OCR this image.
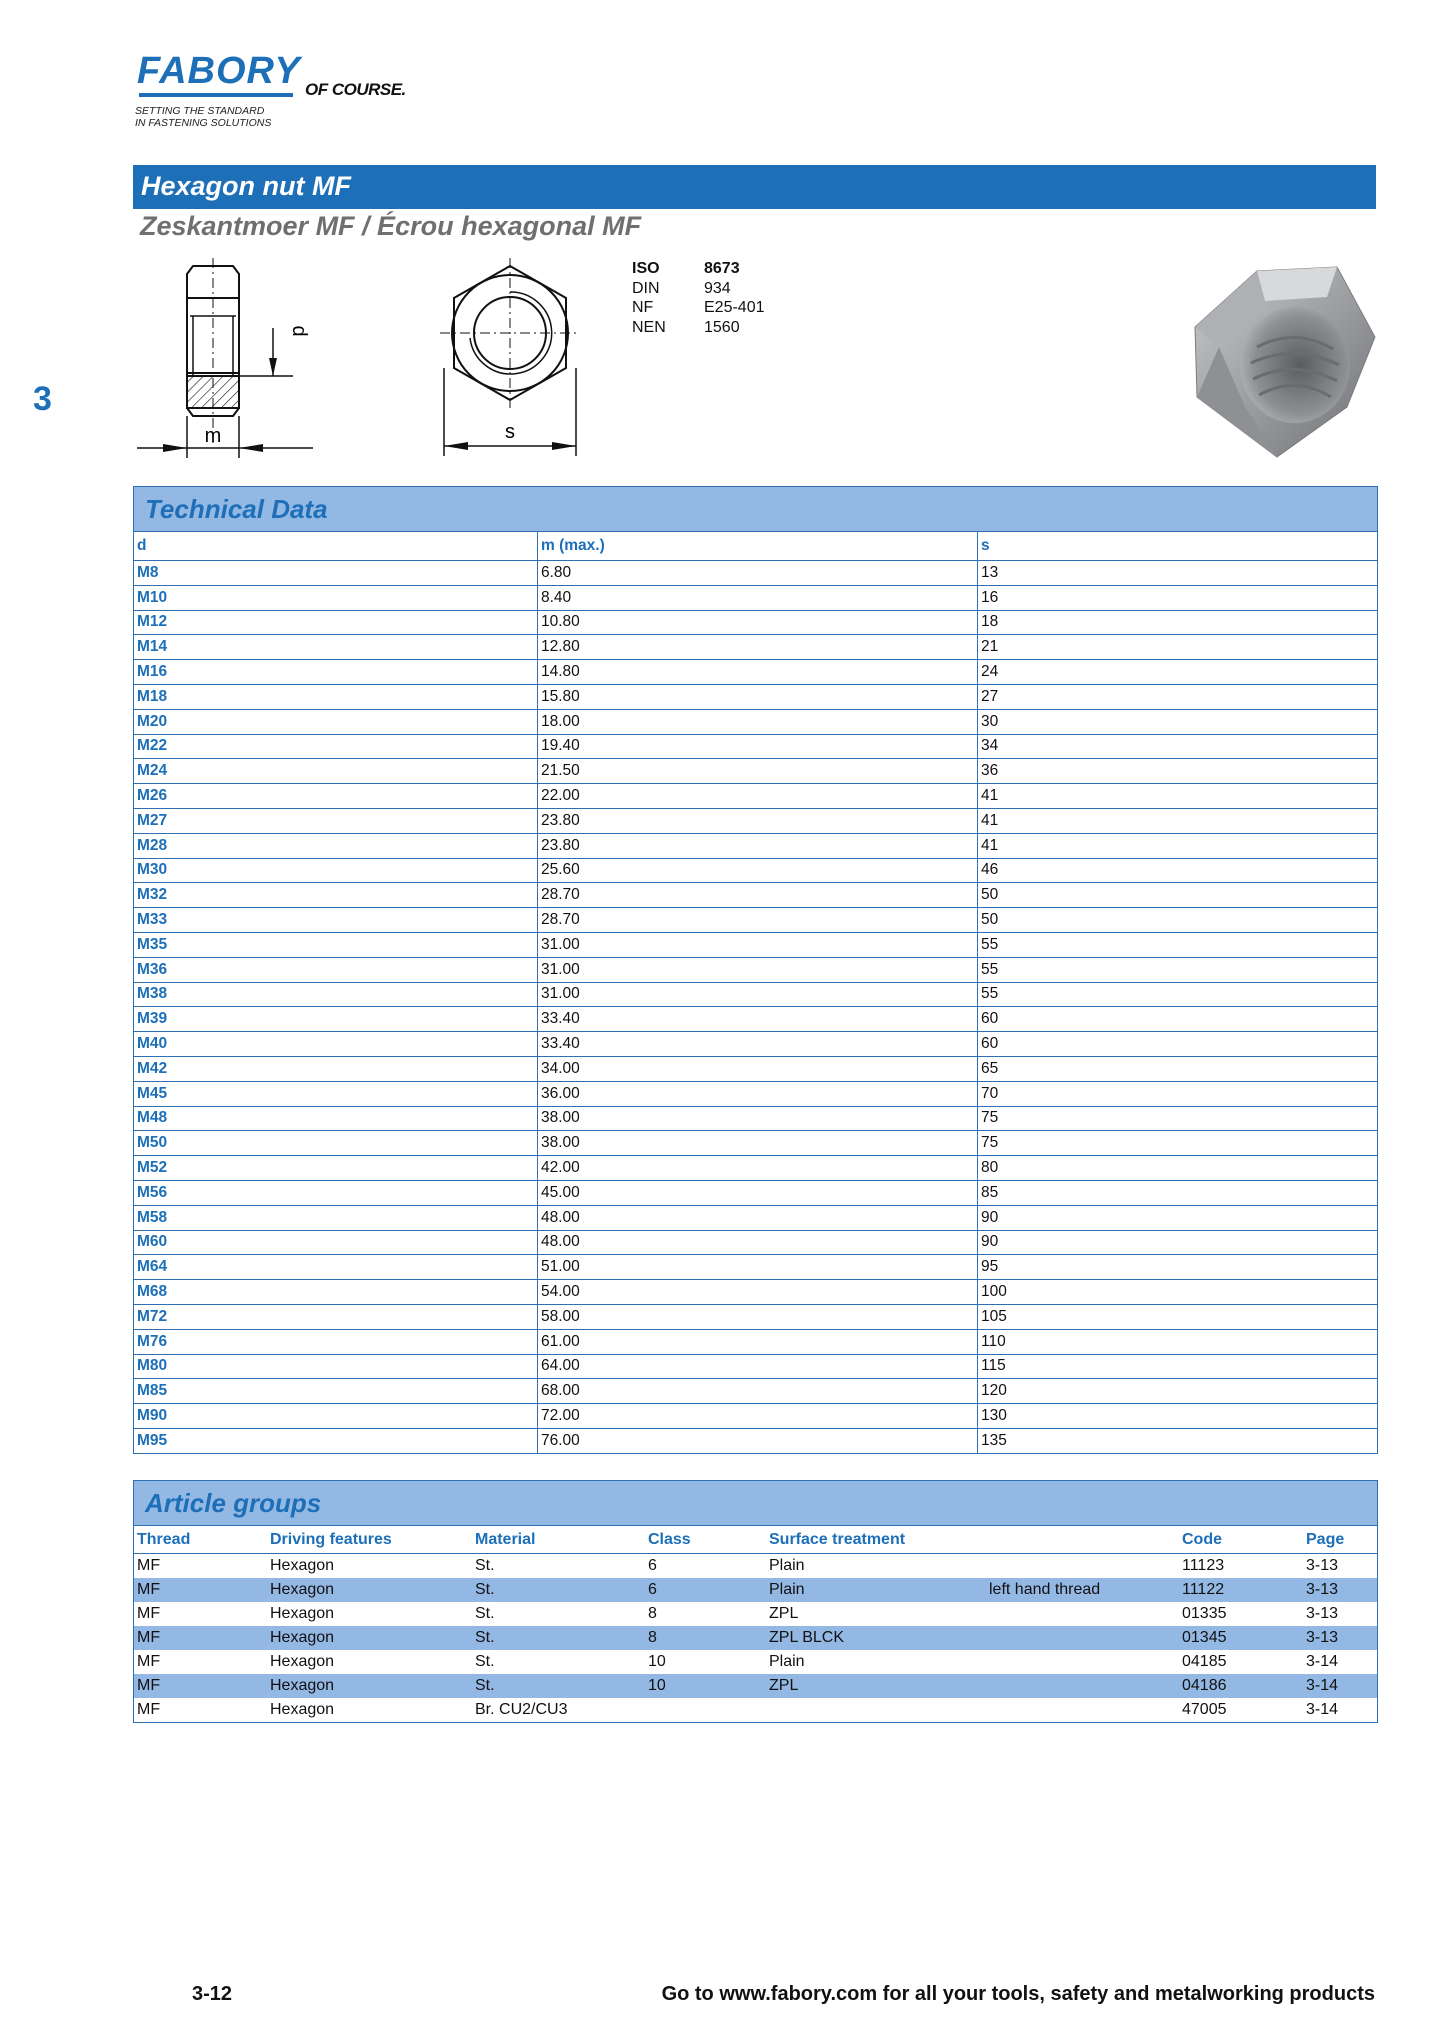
FABORY OF COURSE.
SETTING THE STANDARD
IN FASTENING SOLUTIONS
3
Hexagon nut MF
Zeskantmoer MF / Écrou hexagonal MF
m
d
s
ISO	8673
DIN	934
NF	E25-401
NEN	1560
Technical Data
d	m (max.)	s
M8	6.80	13
M10	8.40	16
M12	10.80	18
M14	12.80	21
M16	14.80	24
M18	15.80	27
M20	18.00	30
M22	19.40	34
M24	21.50	36
M26	22.00	41
M27	23.80	41
M28	23.80	41
M30	25.60	46
M32	28.70	50
M33	28.70	50
M35	31.00	55
M36	31.00	55
M38	31.00	55
M39	33.40	60
M40	33.40	60
M42	34.00	65
M45	36.00	70
M48	38.00	75
M50	38.00	75
M52	42.00	80
M56	45.00	85
M58	48.00	90
M60	48.00	90
M64	51.00	95
M68	54.00	100
M72	58.00	105
M76	61.00	110
M80	64.00	115
M85	68.00	120
M90	72.00	130
M95	76.00	135
Article groups
Thread	Driving features	Material	Class	Surface treatment		Code	Page
MF	Hexagon	St.	6	Plain		11123	3-13
MF	Hexagon	St.	6	Plain	left hand thread	11122	3-13
MF	Hexagon	St.	8	ZPL		01335	3-13
MF	Hexagon	St.	8	ZPL BLCK		01345	3-13
MF	Hexagon	St.	10	Plain		04185	3-14
MF	Hexagon	St.	10	ZPL		04186	3-14
MF	Hexagon	Br. CU2/CU3				47005	3-14
3-12	Go to www.fabory.com for all your tools, safety and metalworking products
